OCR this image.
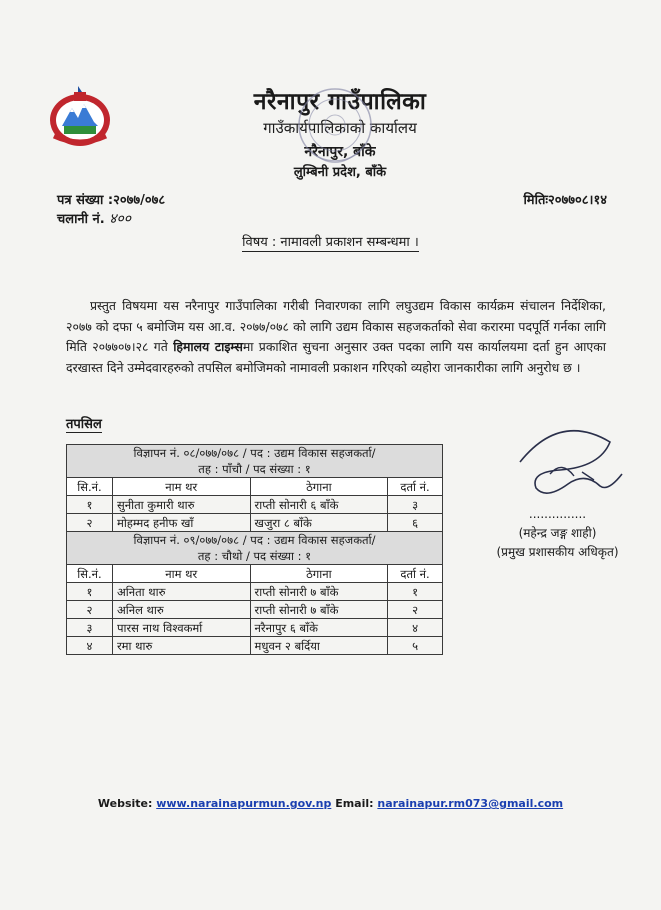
नरैनापुर गाउँपालिका
गाउँकार्यपालिकाको कार्यालय
नरैनापुर, बाँके
लुम्बिनी प्रदेश, बाँके
पत्र संख्या :२०७७/०७८
चलानी नं. ४००
मितिः२०७७०८।१४
विषय : नामावली प्रकाशन सम्बन्धमा ।
प्रस्तुत विषयमा यस नरैनापुर गाउँपालिका गरीबी निवारणका लागि लघुउद्यम विकास कार्यक्रम संचालन निर्देशिका, २०७७ को दफा ५ बमोजिम यस आ.व. २०७७/०७८ को लागि उद्यम विकास सहजकर्ताको सेवा करारमा पदपूर्ति गर्नका लागि मिति २०७७०७।२८ गते हिमालय टाइम्समा प्रकाशित सुचना अनुसार उक्त पदका लागि यस कार्यालयमा दर्ता हुन आएका दरखास्त दिने उम्मेदवारहरुको तपसिल बमोजिमको नामावली प्रकाशन गरिएको व्यहोरा जानकारीका लागि अनुरोध छ ।
तपसिल
विज्ञापन नं. ०८/०७७/०७८ / पद : उद्यम विकास सहजकर्ता/
तह : पाँचौ / पद संख्या : १			

सि.नं.	नाम थर	ठेगाना	दर्ता नं.
१	सुनीता कुमारी थारु	राप्ती सोनारी ६ बाँके	३
२	मोहम्मद हनीफ खाँ	खजुरा ८ बाँके	६

विज्ञापन नं. ०९/०७७/०७८ / पद : उद्यम विकास सहजकर्ता/
तह : चौथो / पद संख्या : १			

सि.नं.	नाम थर	ठेगाना	दर्ता नं.
१	अनिता थारु	राप्ती सोनारी ७ बाँके	१
२	अनिल थारु	राप्ती सोनारी ७ बाँके	२
३	पारस नाथ विश्वकर्मा	नरैनापुर ६ बाँके	४
४	रमा थारु	मधुवन २ बर्दिया	५
...............
(महेन्द्र जङ्ग शाही)
(प्रमुख प्रशासकीय अधिकृत)
Website: www.narainapurmun.gov.np Email: narainapur.rm073@gmail.com
